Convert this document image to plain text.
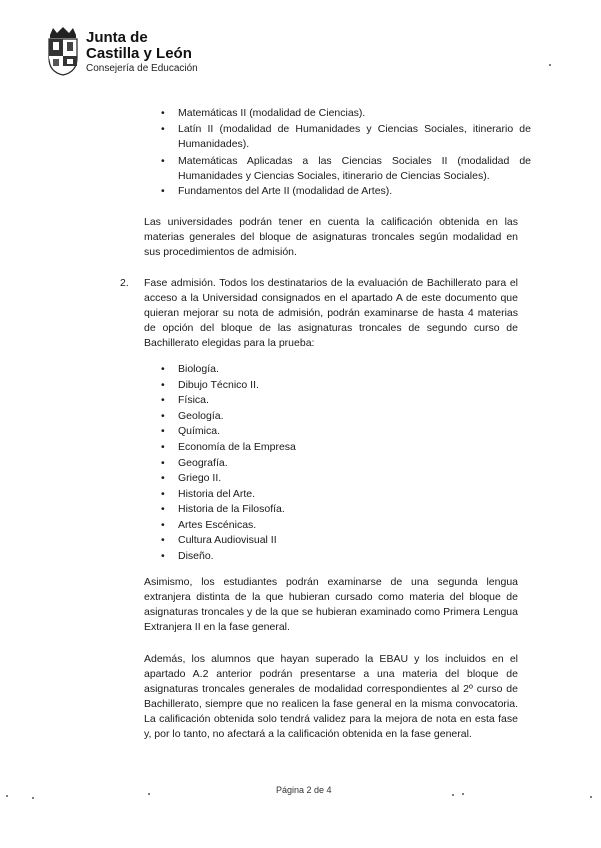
Junta de
Castilla y León
Consejería de Educación
• Matemáticas II (modalidad de Ciencias).
• Latín II (modalidad de Humanidades y Ciencias Sociales, itinerario de Humanidades).
• Matemáticas Aplicadas a las Ciencias Sociales II (modalidad de Humanidades y Ciencias Sociales, itinerario de Ciencias Sociales).
• Fundamentos del Arte II (modalidad de Artes).
Las universidades podrán tener en cuenta la calificación obtenida en las materias generales del bloque de asignaturas troncales según modalidad en sus procedimientos de admisión.
2. Fase admisión. Todos los destinatarios de la evaluación de Bachillerato para el acceso a la Universidad consignados en el apartado A de este documento que quieran mejorar su nota de admisión, podrán examinarse de hasta 4 materias de opción del bloque de las asignaturas troncales de segundo curso de Bachillerato elegidas para la prueba:
• Biología.
• Dibujo Técnico II.
• Física.
• Geología.
• Química.
• Economía de la Empresa
• Geografía.
• Griego II.
• Historia del Arte.
• Historia de la Filosofía.
• Artes Escénicas.
• Cultura Audiovisual II
• Diseño.
Asimismo, los estudiantes podrán examinarse de una segunda lengua extranjera distinta de la que hubieran cursado como materia del bloque de asignaturas troncales y de la que se hubieran examinado como Primera Lengua Extranjera II en la fase general.
Además, los alumnos que hayan superado la EBAU y los incluidos en el apartado A.2 anterior podrán presentarse a una materia del bloque de asignaturas troncales generales de modalidad correspondientes al 2º curso de Bachillerato, siempre que no realicen la fase general en la misma convocatoria. La calificación obtenida solo tendrá validez para la mejora de nota en esta fase y, por lo tanto, no afectará a la calificación obtenida en la fase general.
Página 2 de 4
